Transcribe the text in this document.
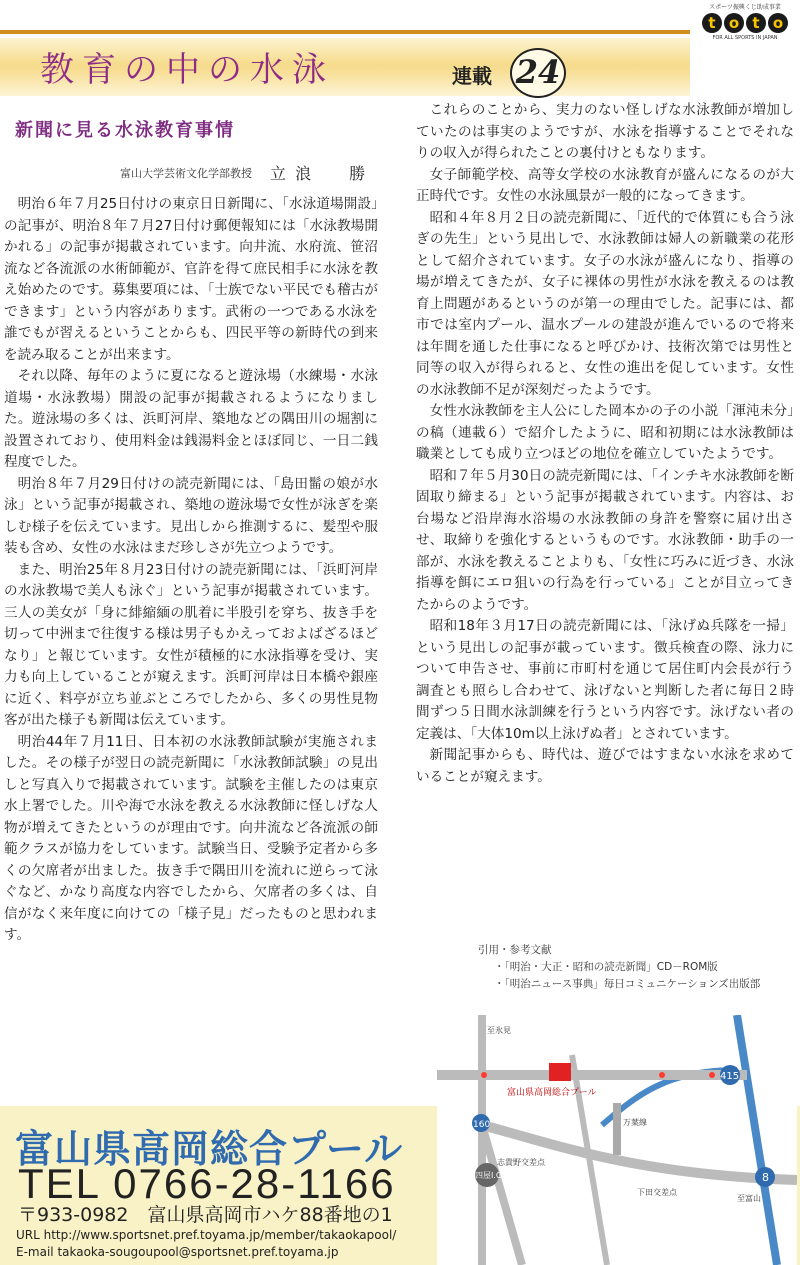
スポーツ振興くじ助成事業
t o t o
FOR ALL SPORTS IN JAPAN
教育の中の水泳	連載 24
新聞に見る水泳教育事情
富山大学芸術文化学部教授 立 浪　　勝

明治６年７月25日付けの東京日日新聞に、「水泳道場開設」の記事が、明治８年７月27日付け郵便報知には「水泳教場開かれる」の記事が掲載されています。向井流、水府流、笹沼流など各流派の水術師範が、官許を得て庶民相手に水泳を教え始めたのです。募集要項には、「士族でない平民でも稽古ができます」という内容があります。武術の一つである水泳を誰でもが習えるということからも、四民平等の新時代の到来を読み取ることが出来ます。

それ以降、毎年のように夏になると遊泳場（水練場・水泳道場・水泳教場）開設の記事が掲載されるようになりました。遊泳場の多くは、浜町河岸、築地などの隅田川の堀割に設置されており、使用料金は銭湯料金とほぼ同じ、一日二銭程度でした。

明治８年７月29日付けの読売新聞には、「島田髷の娘が水泳」という記事が掲載され、築地の遊泳場で女性が泳ぎを楽しむ様子を伝えています。見出しから推測するに、髪型や服装も含め、女性の水泳はまだ珍しさが先立つようです。

また、明治25年８月23日付けの読売新聞には、「浜町河岸の水泳教場で美人も泳ぐ」という記事が掲載されています。三人の美女が「身に緋縮緬の肌着に半股引を穿ち、抜き手を切って中洲まで往復する様は男子もかえっておよばざるほどなり」と報じています。女性が積極的に水泳指導を受け、実力も向上していることが窺えます。浜町河岸は日本橋や銀座に近く、料亭が立ち並ぶところでしたから、多くの男性見物客が出た様子も新聞は伝えています。

明治44年７月11日、日本初の水泳教師試験が実施されました。その様子が翌日の読売新聞に「水泳教師試験」の見出しと写真入りで掲載されています。試験を主催したのは東京水上署でした。川や海で水泳を教える水泳教師に怪しげな人物が増えてきたというのが理由です。向井流など各流派の師範クラスが協力をしています。試験当日、受験予定者から多くの欠席者が出ました。抜き手で隅田川を流れに逆らって泳ぐなど、かなり高度な内容でしたから、欠席者の多くは、自信がなく来年度に向けての「様子見」だったものと思われます。

これらのことから、実力のない怪しげな水泳教師が増加していたのは事実のようですが、水泳を指導することでそれなりの収入が得られたことの裏付けともなります。

女子師範学校、高等女学校の水泳教育が盛んになるのが大正時代です。女性の水泳風景が一般的になってきます。

昭和４年８月２日の読売新聞に、「近代的で体質にも合う泳ぎの先生」という見出しで、水泳教師は婦人の新職業の花形として紹介されています。女子の水泳が盛んになり、指導の場が増えてきたが、女子に裸体の男性が水泳を教えるのは教育上問題があるというのが第一の理由でした。記事には、都市では室内プール、温水プールの建設が進んでいるので将来は年間を通した仕事になると呼びかけ、技術次第では男性と同等の収入が得られると、女性の進出を促しています。女性の水泳教師不足が深刻だったようです。

女性水泳教師を主人公にした岡本かの子の小説「渾沌未分」の稿（連載６）で紹介したように、昭和初期には水泳教師は職業としても成り立つほどの地位を確立していたようです。

昭和７年５月30日の読売新聞には、「インチキ水泳教師を断固取り締まる」という記事が掲載されています。内容は、お台場など沿岸海水浴場の水泳教師の身許を警察に届け出させ、取締りを強化するというものです。水泳教師・助手の一部が、水泳を教えることよりも、「女性に巧みに近づき、水泳指導を餌にエロ狙いの行為を行っている」ことが目立ってきたからのようです。

昭和18年３月17日の読売新聞には、「泳げぬ兵隊を一掃」という見出しの記事が載っています。徴兵検査の際、泳力について申告させ、事前に市町村を通じて居住町内会長が行う調査とも照らし合わせて、泳げないと判断した者に毎日２時間ずつ５日間水泳訓練を行うという内容です。泳げない者の定義は、「大体10m以上泳げぬ者」とされています。

新聞記事からも、時代は、遊びではすまない水泳を求めていることが窺えます。

引用・参考文献
・「明治・大正・昭和の読売新聞」CD－ROM版
・「明治ニュース事典」毎日コミュニケーションズ出版部
富山県高岡総合プール
TEL 0766-28-1166
〒933-0982　富山県高岡市ハケ88番地の1
URL http://www.sportsnet.pref.toyama.jp/member/takaokapool/
E-mail takaoka-sougoupool@sportsnet.pref.toyama.jp
富山県高岡総合プール
万葉線
至氷見
下田交差点
志貴野交差点
至富山
415
160
8
四屋I.C
